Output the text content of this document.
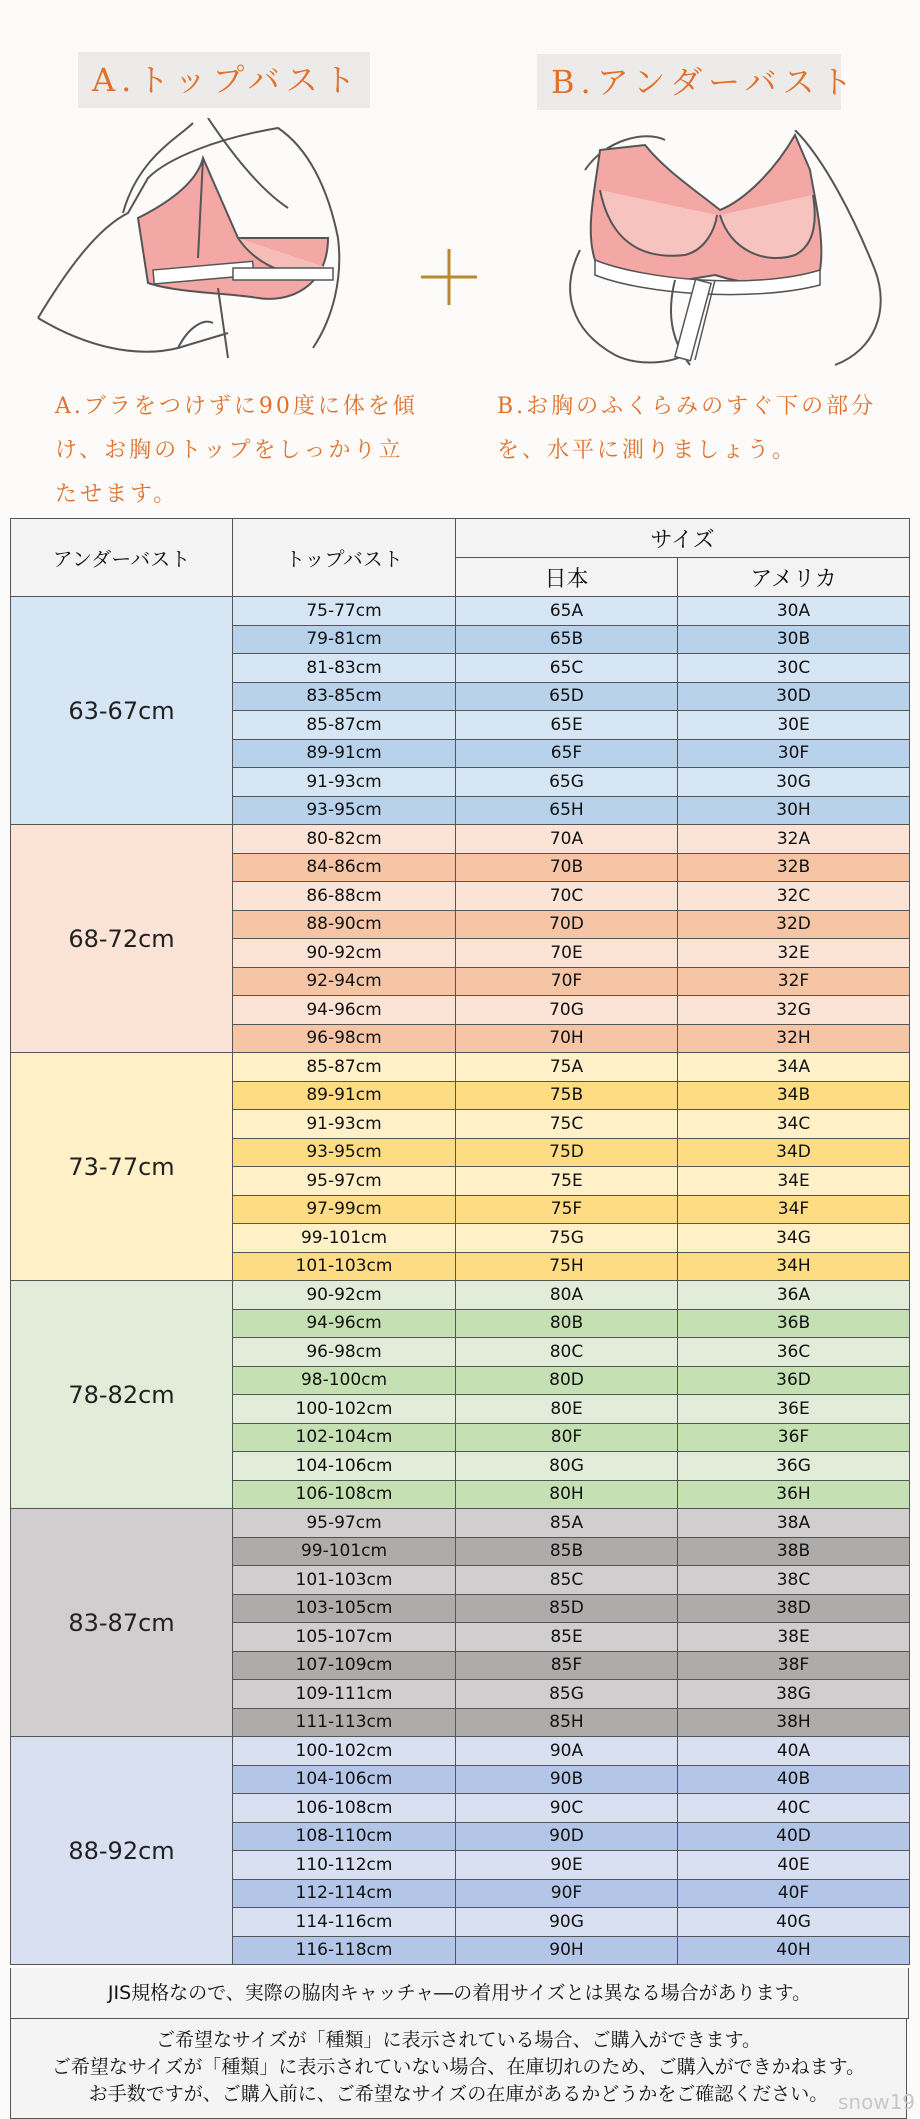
A.トップバスト	B.アンダーバスト
A.ブラをつけずに90度に体を傾
け、お胸のトップをしっかり立
たせます。
B.お胸のふくらみのすぐ下の部分
を、水平に測りましょう。
アンダーバスト	トップバスト	サイズ	
		日本	アメリカ
63-67cm	75-77cm	65A	30A
	79-81cm	65B	30B
	81-83cm	65C	30C
	83-85cm	65D	30D
	85-87cm	65E	30E
	89-91cm	65F	30F
	91-93cm	65G	30G
	93-95cm	65H	30H
68-72cm	80-82cm	70A	32A
	84-86cm	70B	32B
	86-88cm	70C	32C
	88-90cm	70D	32D
	90-92cm	70E	32E
	92-94cm	70F	32F
	94-96cm	70G	32G
	96-98cm	70H	32H
73-77cm	85-87cm	75A	34A
	89-91cm	75B	34B
	91-93cm	75C	34C
	93-95cm	75D	34D
	95-97cm	75E	34E
	97-99cm	75F	34F
	99-101cm	75G	34G
	101-103cm	75H	34H
78-82cm	90-92cm	80A	36A
	94-96cm	80B	36B
	96-98cm	80C	36C
	98-100cm	80D	36D
	100-102cm	80E	36E
	102-104cm	80F	36F
	104-106cm	80G	36G
	106-108cm	80H	36H
83-87cm	95-97cm	85A	38A
	99-101cm	85B	38B
	101-103cm	85C	38C
	103-105cm	85D	38D
	105-107cm	85E	38E
	107-109cm	85F	38F
	109-111cm	85G	38G
	111-113cm	85H	38H
88-92cm	100-102cm	90A	40A
	104-106cm	90B	40B
	106-108cm	90C	40C
	108-110cm	90D	40D
	110-112cm	90E	40E
	112-114cm	90F	40F
	114-116cm	90G	40G
	116-118cm	90H	40H
JIS規格なので、実際の脇肉キャッチャ―の着用サイズとは異なる場合があります。
ご希望なサイズが「種類」に表示されている場合、ご購入ができます。
ご希望なサイズが「種類」に表示されていない場合、在庫切れのため、ご購入ができかねます。
お手数ですが、ご購入前に、ご希望なサイズの在庫があるかどうかをご確認ください。 snow19
